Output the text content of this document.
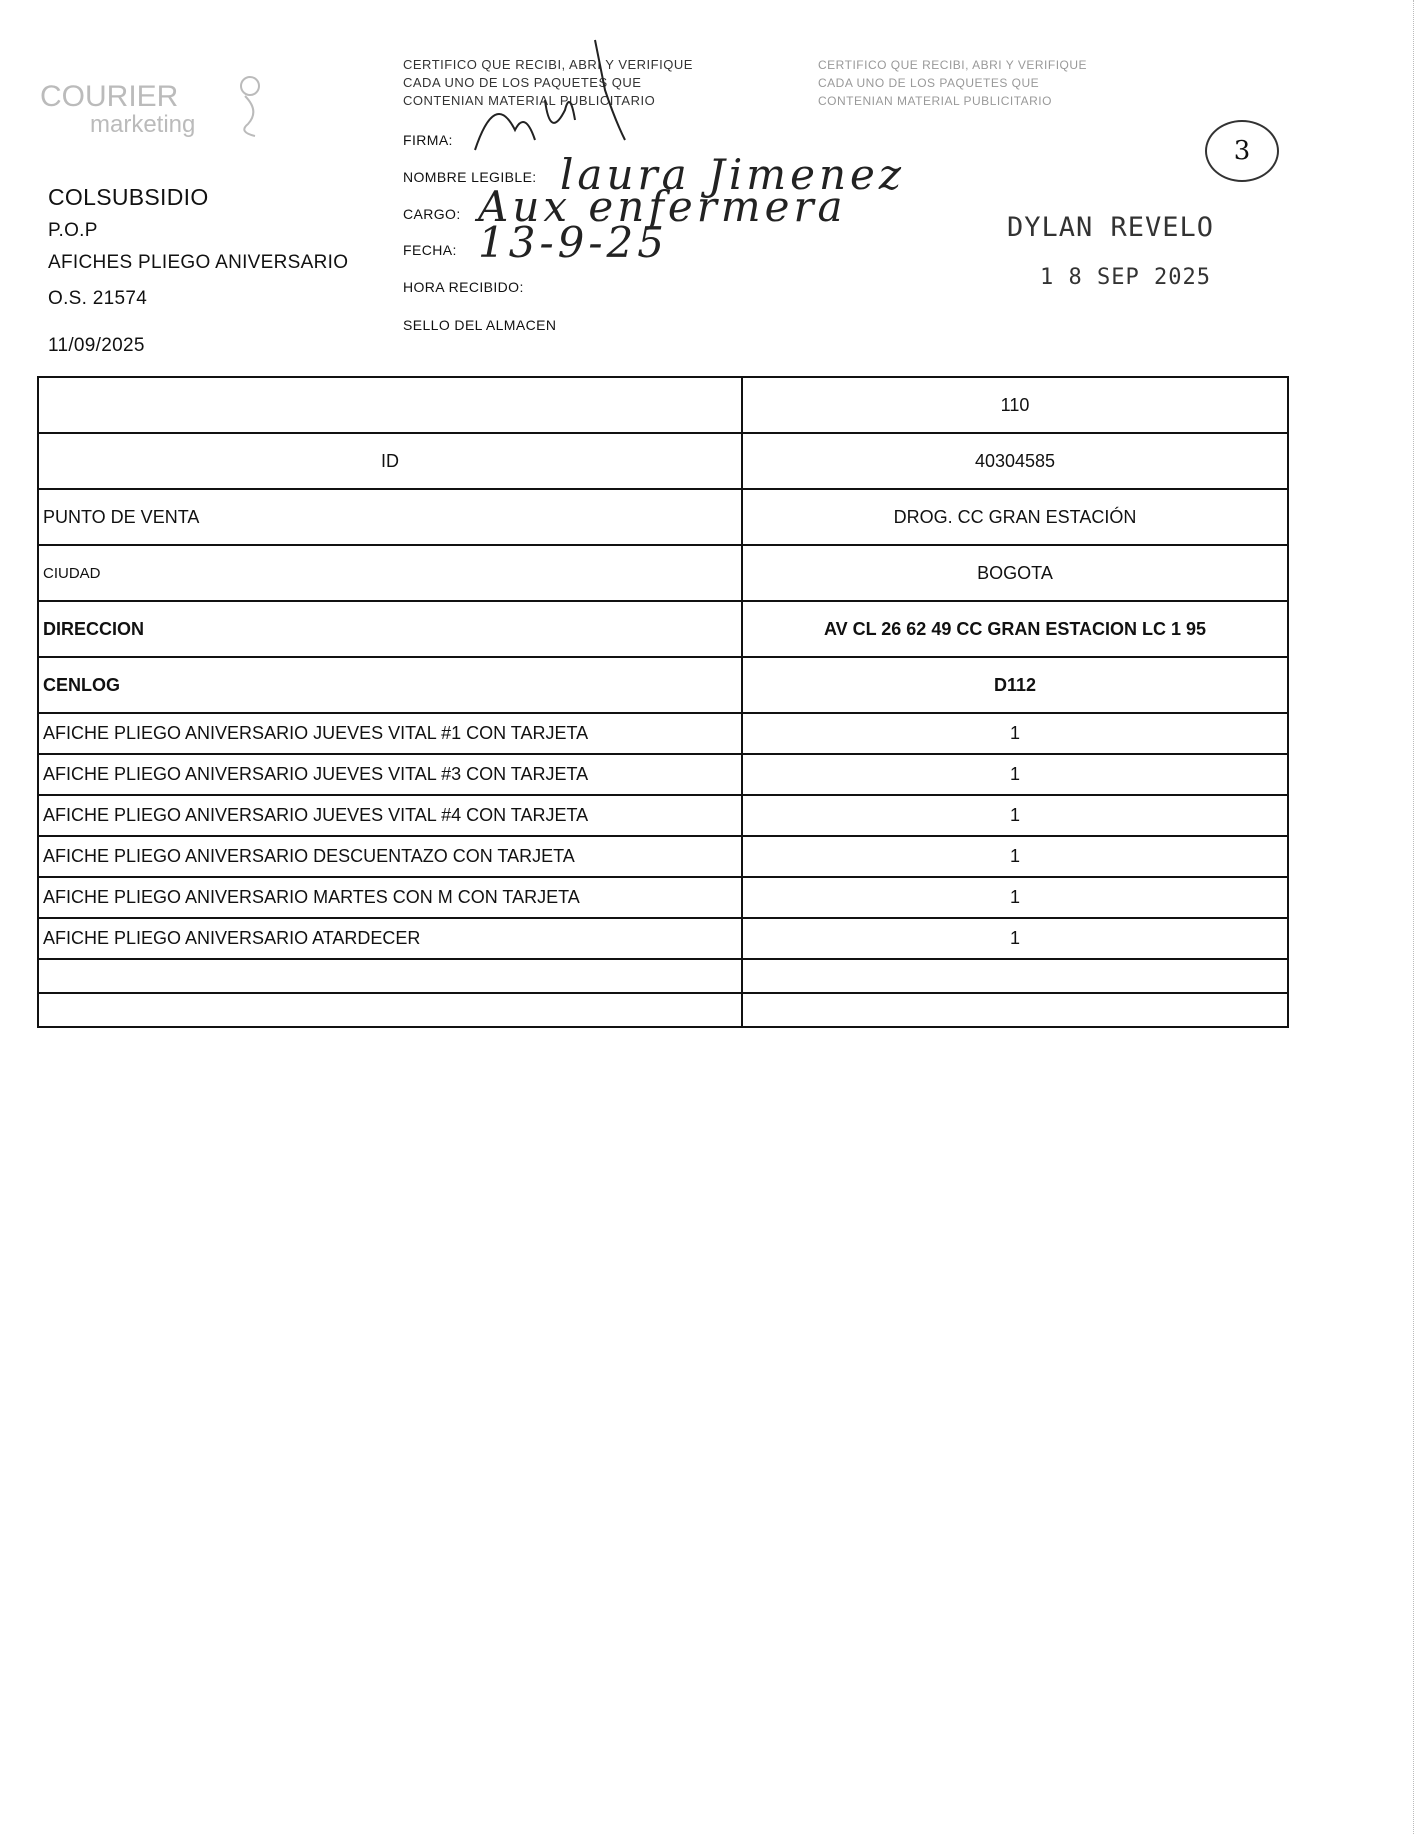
COURIER
marketing
COLSUBSIDIO
P.O.P
AFICHES PLIEGO ANIVERSARIO
O.S. 21574
11/09/2025
CERTIFICO QUE RECIBI, ABRI Y VERIFIQUE
CADA UNO DE LOS PAQUETES QUE
CONTENIAN MATERIAL PUBLICITARIO
CERTIFICO QUE RECIBI, ABRI Y VERIFIQUE
CADA UNO DE LOS PAQUETES QUE
CONTENIAN MATERIAL PUBLICITARIO
FIRMA:
NOMBRE LEGIBLE:
CARGO:
FECHA:
HORA RECIBIDO:
SELLO DEL ALMACEN
laura Jimenez
Aux enfermera
13-9-25	DYLAN REVELO
1 8 SEP 2025
3
	110
ID	40304585
PUNTO DE VENTA	DROG. CC GRAN ESTACIÓN
CIUDAD	BOGOTA
DIRECCION	AV CL 26 62 49 CC GRAN ESTACION LC 1 95
CENLOG	D112
AFICHE PLIEGO ANIVERSARIO JUEVES VITAL #1 CON TARJETA	1
AFICHE PLIEGO ANIVERSARIO JUEVES VITAL #3 CON TARJETA	1
AFICHE PLIEGO ANIVERSARIO JUEVES VITAL #4 CON TARJETA	1
AFICHE PLIEGO ANIVERSARIO DESCUENTAZO CON TARJETA	1
AFICHE PLIEGO ANIVERSARIO MARTES CON M CON TARJETA	1
AFICHE PLIEGO ANIVERSARIO ATARDECER	1
